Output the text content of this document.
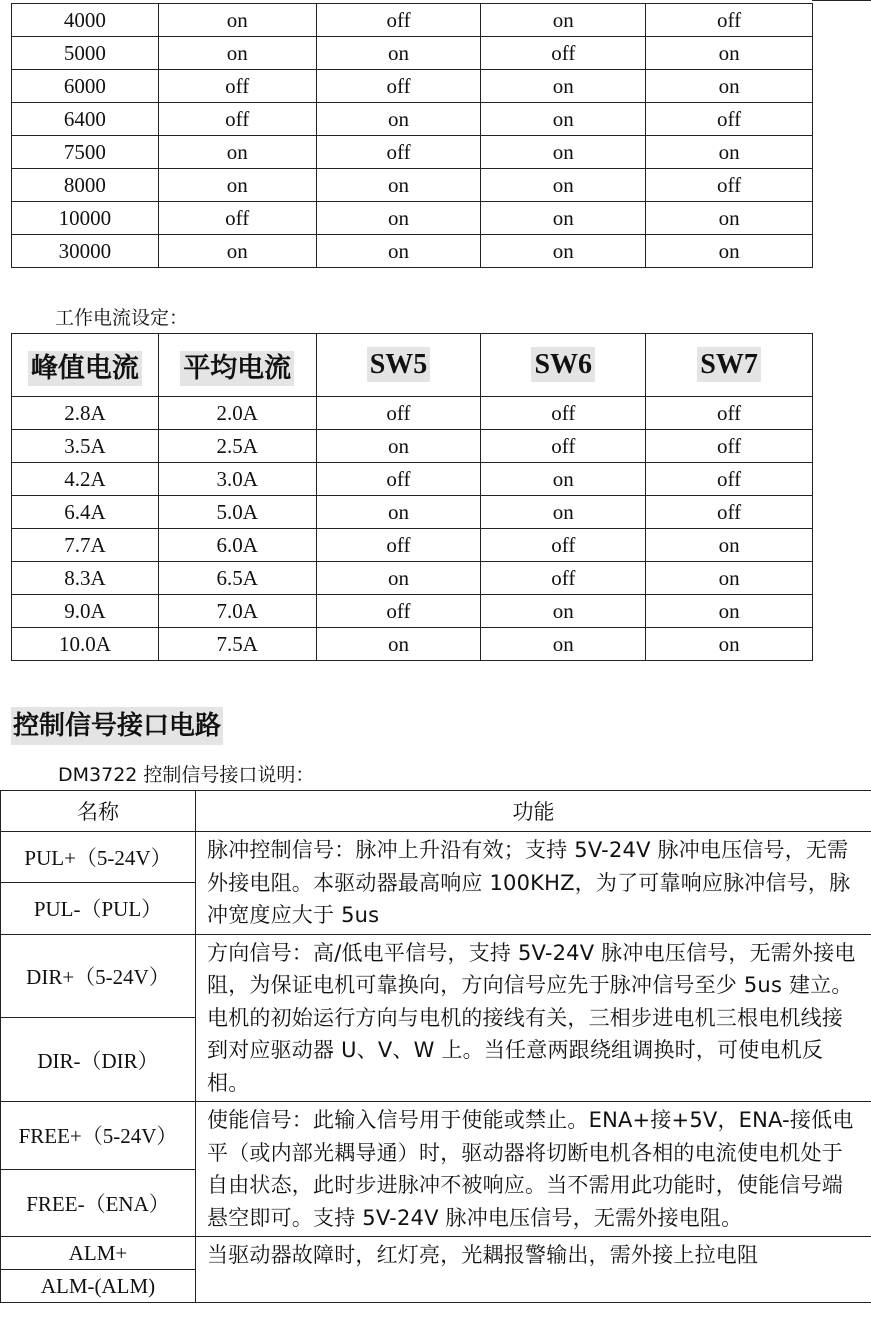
4000	on	off	on	off
5000	on	on	off	on
6000	off	off	on	on
6400	off	on	on	off
7500	on	off	on	on
8000	on	on	on	off
10000	off	on	on	on
30000	on	on	on	on
工作电流设定：
峰值电流	平均电流	SW5	SW6	SW7
2.8A	2.0A	off	off	off
3.5A	2.5A	on	off	off
4.2A	3.0A	off	on	off
6.4A	5.0A	on	on	off
7.7A	6.0A	off	off	on
8.3A	6.5A	on	off	on
9.0A	7.0A	off	on	on
10.0A	7.5A	on	on	on
控制信号接口电路
DM3722 控制信号接口说明：
名称	功能
PUL+（5-24V）	脉冲控制信号：脉冲上升沿有效；支持 5V-24V 脉冲电压信号，无需外接电阻。本驱动器最高响应 100KHZ，为了可靠响应脉冲信号，脉冲宽度应大于 5us
PUL-（PUL）	
DIR+（5-24V）	方向信号：高/低电平信号，支持 5V-24V 脉冲电压信号，无需外接电阻，为保证电机可靠换向，方向信号应先于脉冲信号至少 5us 建立。电机的初始运行方向与电机的接线有关，三相步进电机三根电机线接到对应驱动器 U、V、W 上。当任意两跟绕组调换时，可使电机反相。
DIR-（DIR）	
FREE+（5-24V）	使能信号：此输入信号用于使能或禁止。ENA+接+5V，ENA-接低电平（或内部光耦导通）时，驱动器将切断电机各相的电流使电机处于自由状态，此时步进脉冲不被响应。当不需用此功能时，使能信号端悬空即可。支持 5V-24V 脉冲电压信号，无需外接电阻。
FREE-（ENA）	
ALM+	当驱动器故障时，红灯亮，光耦报警输出，需外接上拉电阻
ALM-(ALM)	
